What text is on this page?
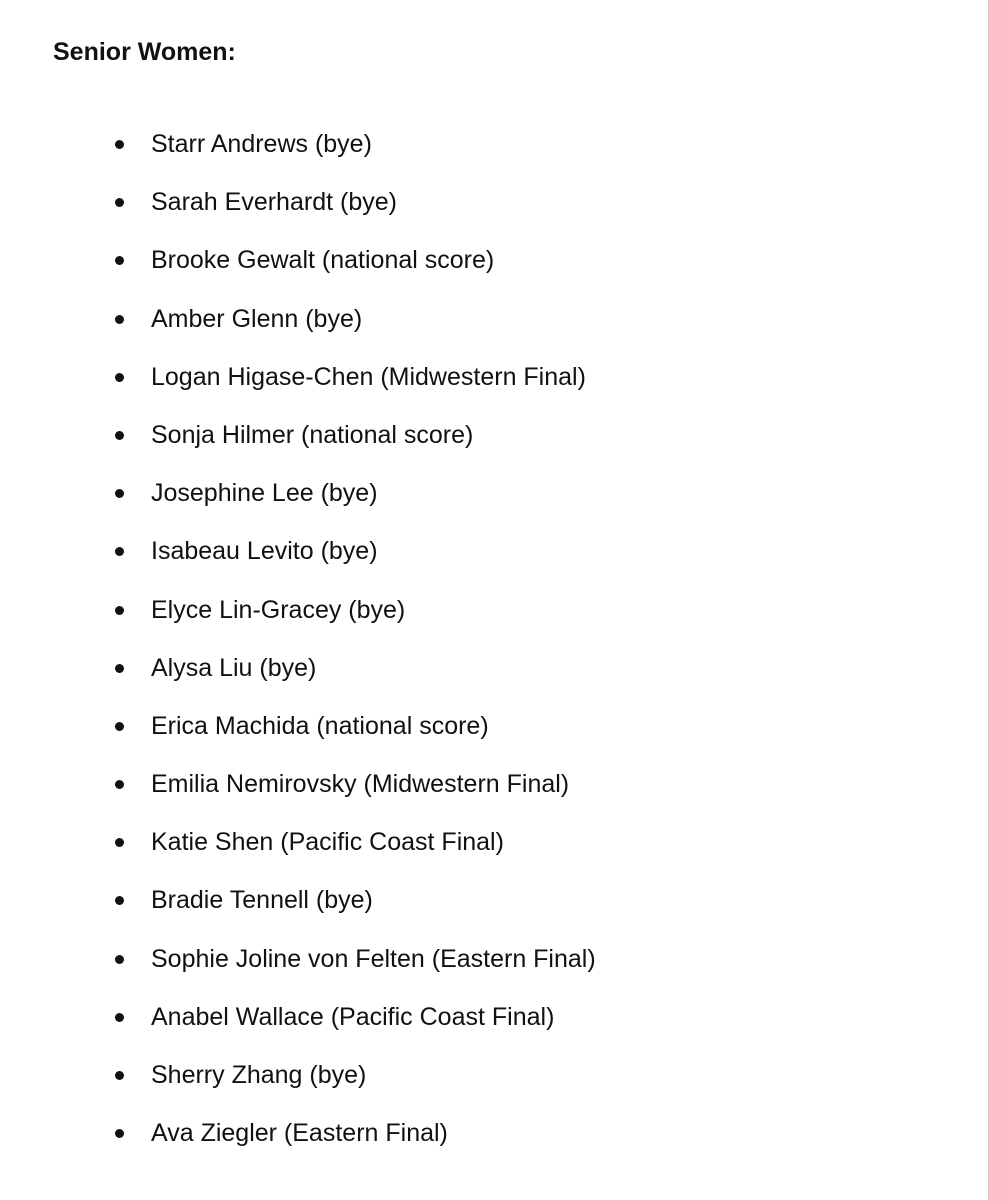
Senior Women:
Starr Andrews (bye)
Sarah Everhardt (bye)
Brooke Gewalt (national score)
Amber Glenn (bye)
Logan Higase-Chen (Midwestern Final)
Sonja Hilmer (national score)
Josephine Lee (bye)
Isabeau Levito (bye)
Elyce Lin-Gracey (bye)
Alysa Liu (bye)
Erica Machida (national score)
Emilia Nemirovsky (Midwestern Final)
Katie Shen (Pacific Coast Final)
Bradie Tennell (bye)
Sophie Joline von Felten (Eastern Final)
Anabel Wallace (Pacific Coast Final)
Sherry Zhang (bye)
Ava Ziegler (Eastern Final)
